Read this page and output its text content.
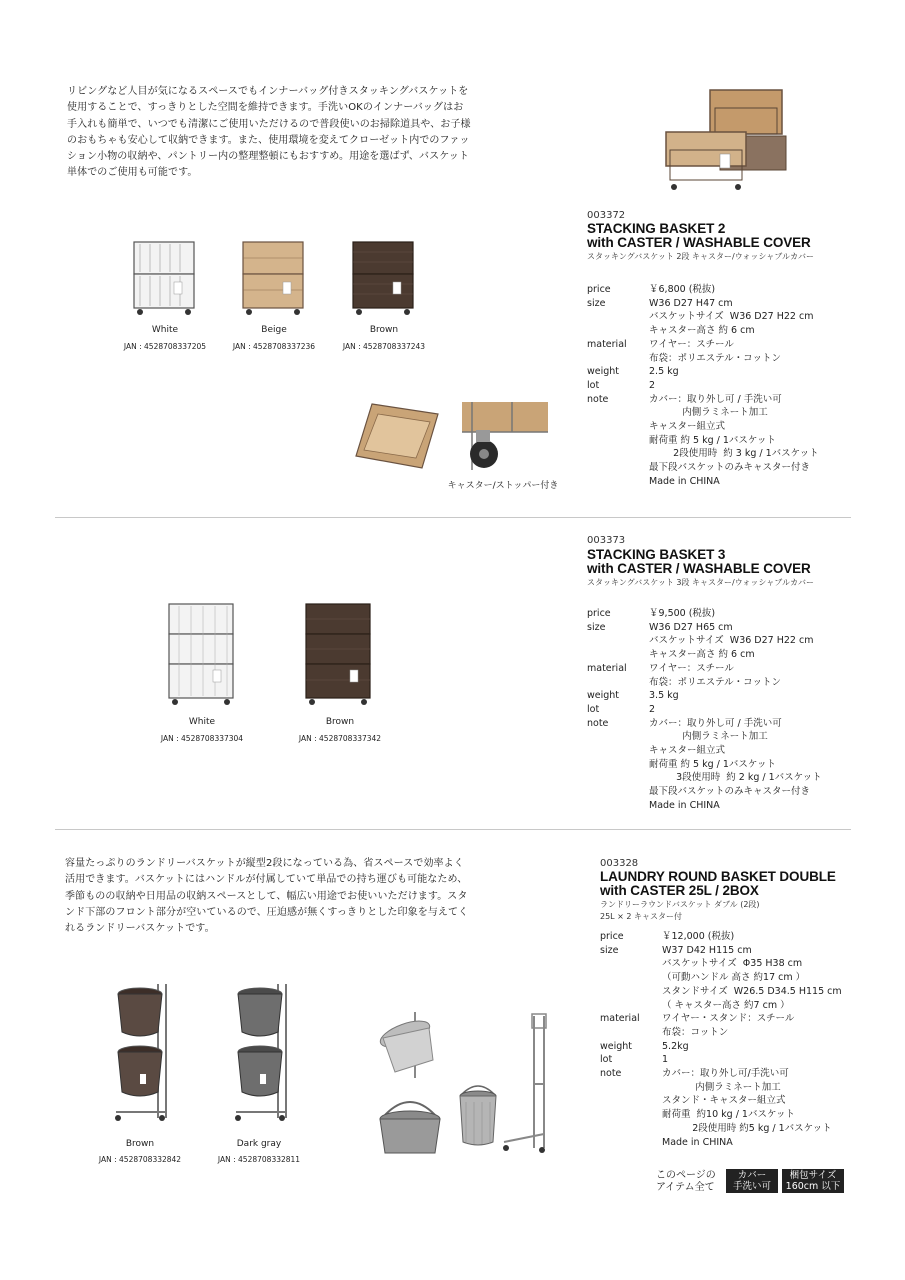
リビングなど人目が気になるスペースでもインナーバッグ付きスタッキングバスケットを使用することで、すっきりとした空間を維持できます。手洗いOKのインナーバッグはお手入れも簡単で、いつでも清潔にご使用いただけるので普段使いのお掃除道具や、お子様のおもちゃも安心して収納できます。また、使用環境を変えてクローゼット内でのファッション小物の収納や、パントリー内の整理整頓にもおすすめ。用途を選ばず、バスケット単体でのご使用も可能です。
003372
STACKING BASKET 2
with CASTER / WASHABLE COVER
スタッキングバスケット 2段 キャスター/ウォッシャブルカバー
price	￥6,800 (税抜)
size	W36 D27 H47 cm
バスケットサイズ  W36 D27 H22 cm
キャスター高さ 約 6 cm
material	ワイヤー：スチール
布袋：ポリエステル・コットン
weight	2.5 kg
lot	2
note	カバー：取り外し可 / 手洗い可
内側ラミネート加工
キャスター組立式
耐荷重 約 5 kg / 1バスケット
2段使用時  約 3 kg / 1バスケット
最下段バスケットのみキャスター付き
Made in CHINA
White
JAN : 4528708337205
Beige
JAN : 4528708337236
Brown
JAN : 4528708337243
キャスター/ストッパー付き
003373
STACKING BASKET 3
with CASTER / WASHABLE COVER
スタッキングバスケット 3段 キャスター/ウォッシャブルカバー
price	￥9,500 (税抜)
size	W36 D27 H65 cm
バスケットサイズ  W36 D27 H22 cm
キャスター高さ 約 6 cm
material	ワイヤー：スチール
布袋：ポリエステル・コットン
weight	3.5 kg
lot	2
note	カバー：取り外し可 / 手洗い可
内側ラミネート加工
キャスター組立式
耐荷重 約 5 kg / 1バスケット
3段使用時  約 2 kg / 1バスケット
最下段バスケットのみキャスター付き
Made in CHINA
White
JAN : 4528708337304
Brown
JAN : 4528708337342
容量たっぷりのランドリーバスケットが縦型2段になっている為、省スペースで効率よく活用できます。バスケットにはハンドルが付属していて単品での持ち運びも可能なため、季節ものの収納や日用品の収納スペースとして、幅広い用途でお使いいただけます。スタンド下部のフロント部分が空いているので、圧迫感が無くすっきりとした印象を与えてくれるランドリーバスケットです。
003328
LAUNDRY ROUND BASKET DOUBLE
with CASTER 25L / 2BOX
ランドリーラウンドバスケット ダブル (2段)
25L × 2 キャスター付
price	￥12,000 (税抜)
size	W37 D42 H115 cm
バスケットサイズ  Φ35 H38 cm
（可動ハンドル 高さ 約17 cm ）
スタンドサイズ  W26.5 D34.5 H115 cm
（ キャスター高さ 約7 cm ）
material	ワイヤー・スタンド：スチール
布袋：コットン
weight	5.2kg
lot	1
note	カバー：取り外し可/手洗い可
内側ラミネート加工
スタンド・キャスター組立式
耐荷重  約10 kg / 1バスケット
2段使用時 約5 kg / 1バスケット
Made in CHINA
Brown
JAN : 4528708332842
Dark gray
JAN : 4528708332811
このページの
アイテム全て
カバー
手洗い可
梱包サイズ
160cm 以下
